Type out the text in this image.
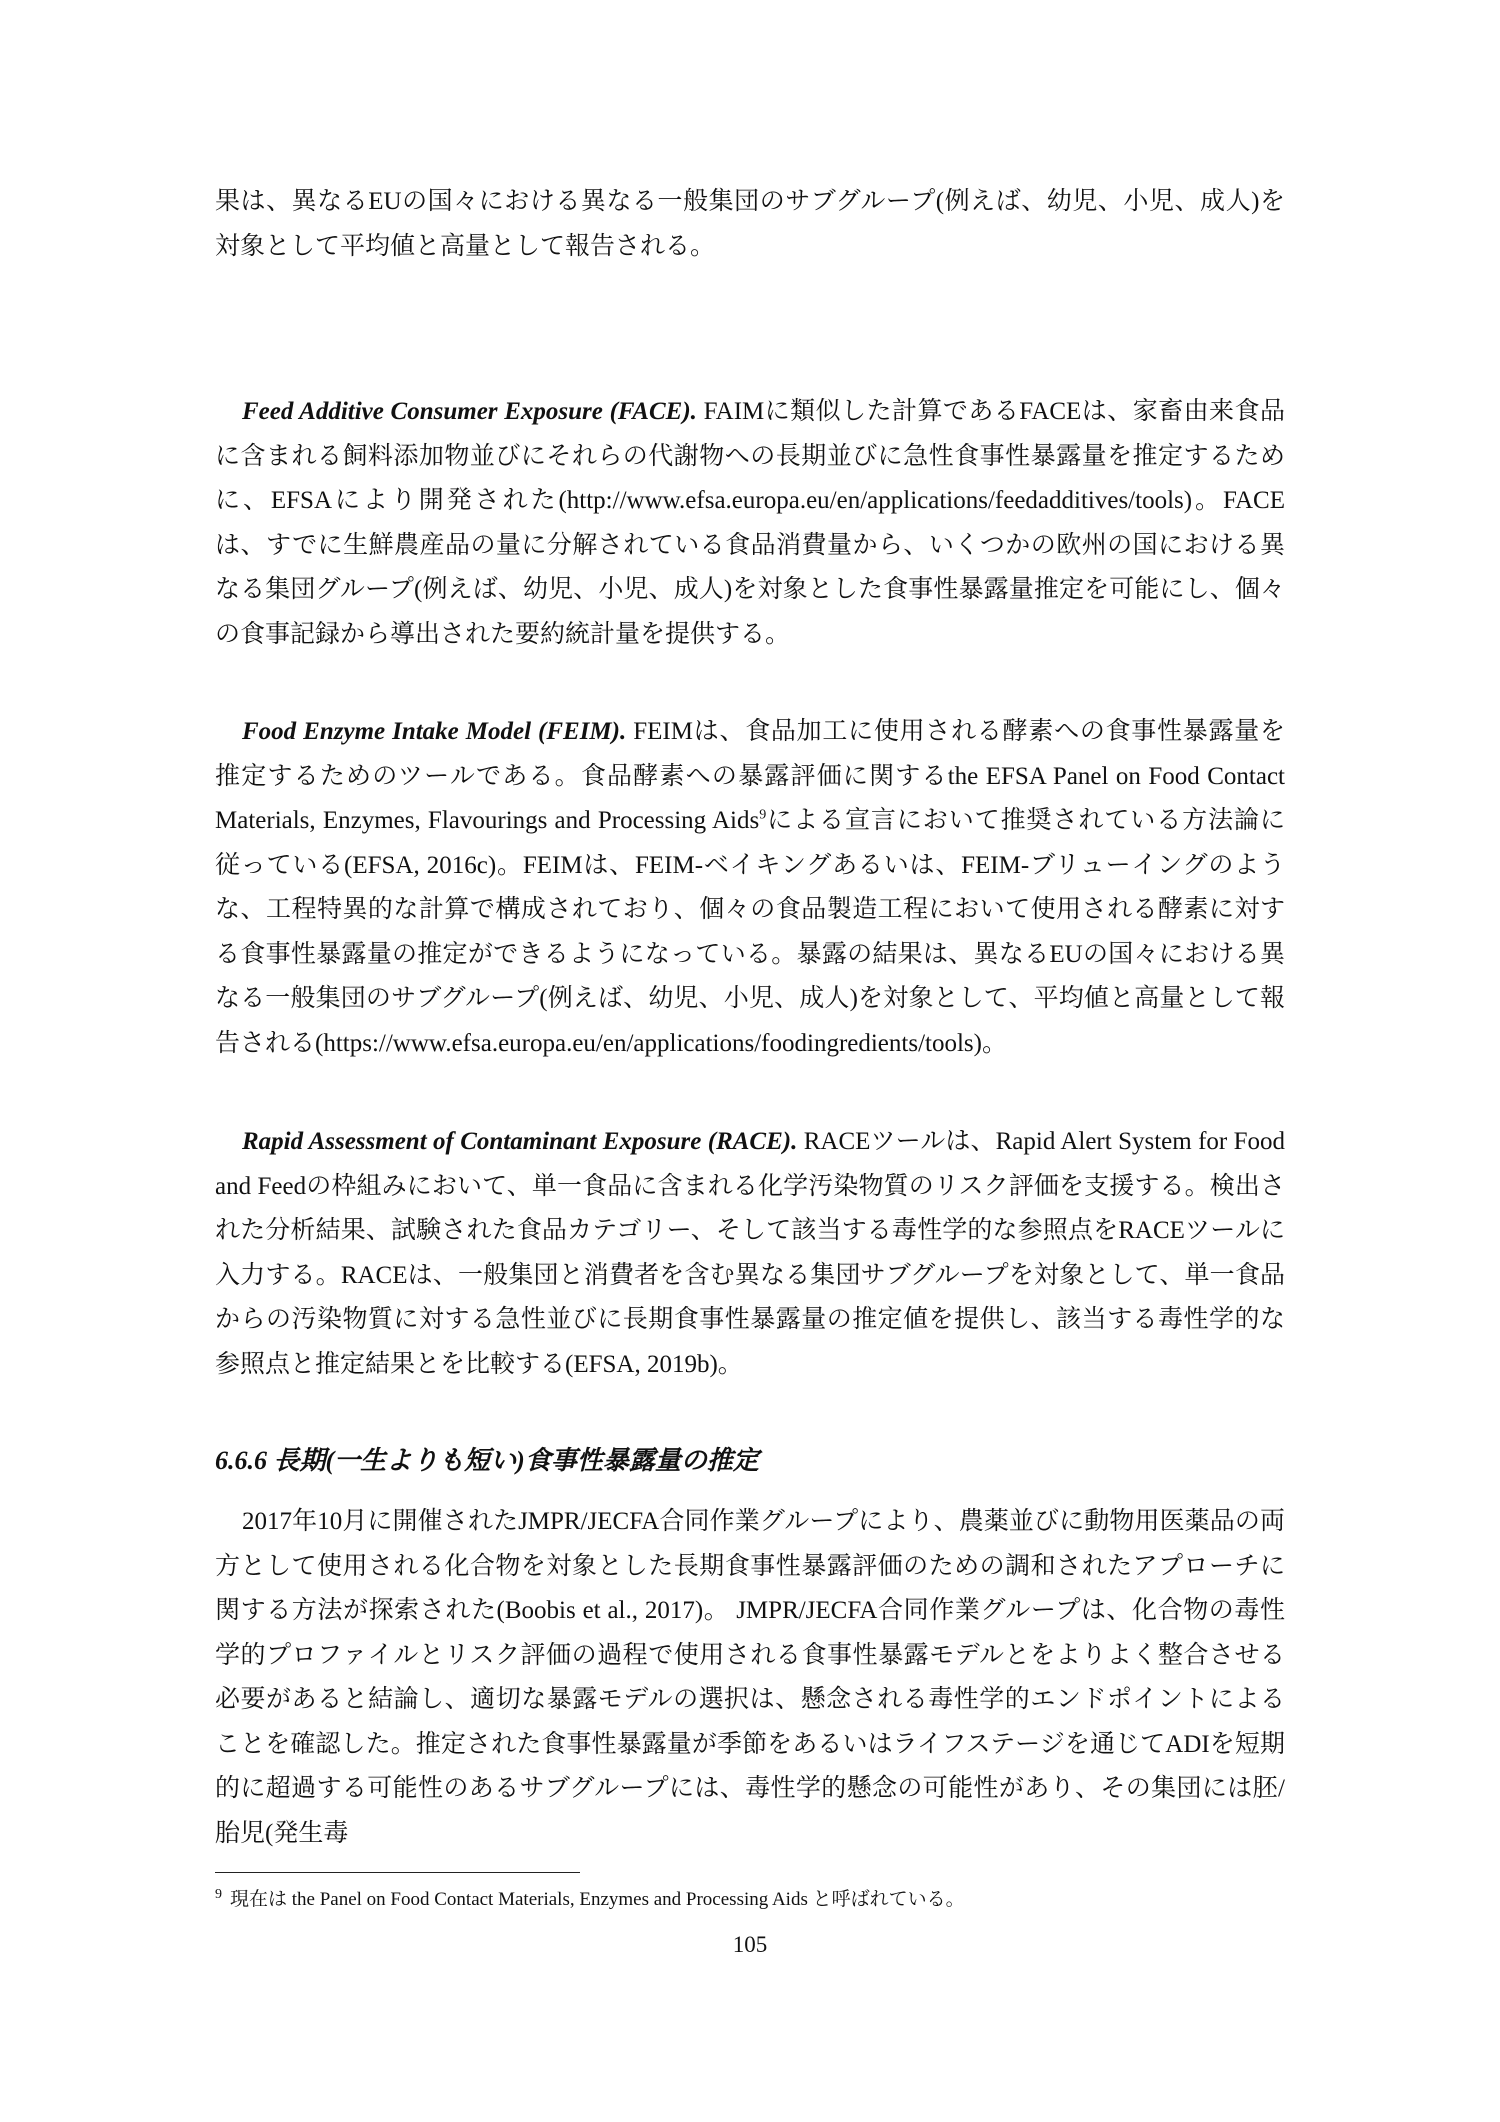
果は、異なるEUの国々における異なる一般集団のサブグループ(例えば、幼児、小児、成人)を対象として平均値と高量として報告される。

Feed Additive Consumer Exposure (FACE). FAIMに類似した計算であるFACEは、家畜由来食品に含まれる飼料添加物並びにそれらの代謝物への長期並びに急性食事性暴露量を推定するために、EFSAにより開発された(http://www.efsa.europa.eu/en/applications/feedadditives/tools)。FACEは、すでに生鮮農産品の量に分解されている食品消費量から、いくつかの欧州の国における異なる集団グループ(例えば、幼児、小児、成人)を対象とした食事性暴露量推定を可能にし、個々の食事記録から導出された要約統計量を提供する。

Food Enzyme Intake Model (FEIM). FEIMは、食品加工に使用される酵素への食事性暴露量を推定するためのツールである。食品酵素への暴露評価に関するthe EFSA Panel on Food Contact Materials, Enzymes, Flavourings and Processing Aids$^9$による宣言において推奨されている方法論に従っている(EFSA, 2016c)。FEIMは、FEIM-ベイキングあるいは、FEIM-ブリューイングのような、工程特異的な計算で構成されており、個々の食品製造工程において使用される酵素に対する食事性暴露量の推定ができるようになっている。暴露の結果は、異なるEUの国々における異なる一般集団のサブグループ(例えば、幼児、小児、成人)を対象として、平均値と高量として報告される(https://www.efsa.europa.eu/en/applications/foodingredients/tools)。

Rapid Assessment of Contaminant Exposure (RACE). RACEツールは、Rapid Alert System for Food and Feedの枠組みにおいて、単一食品に含まれる化学汚染物質のリスク評価を支援する。検出された分析結果、試験された食品カテゴリー、そして該当する毒性学的な参照点をRACEツールに入力する。RACEは、一般集団と消費者を含む異なる集団サブグループを対象として、単一食品からの汚染物質に対する急性並びに長期食事性暴露量の推定値を提供し、該当する毒性学的な参照点と推定結果とを比較する(EFSA, 2019b)。

6.6.6 長期(一生よりも短い)食事性暴露量の推定

2017年10月に開催されたJMPR/JECFA合同作業グループにより、農薬並びに動物用医薬品の両方として使用される化合物を対象とした長期食事性暴露評価のための調和されたアプローチに関する方法が探索された(Boobis et al., 2017)。 JMPR/JECFA合同作業グループは、化合物の毒性学的プロファイルとリスク評価の過程で使用される食事性暴露モデルとをよりよく整合させる必要があると結論し、適切な暴露モデルの選択は、懸念される毒性学的エンドポイントによることを確認した。推定された食事性暴露量が季節をあるいはライフステージを通じてADIを短期的に超過する可能性のあるサブグループには、毒性学的懸念の可能性があり、その集団には胚/胎児(発生毒

$^9$ 現在は the Panel on Food Contact Materials, Enzymes and Processing Aids と呼ばれている。

105
